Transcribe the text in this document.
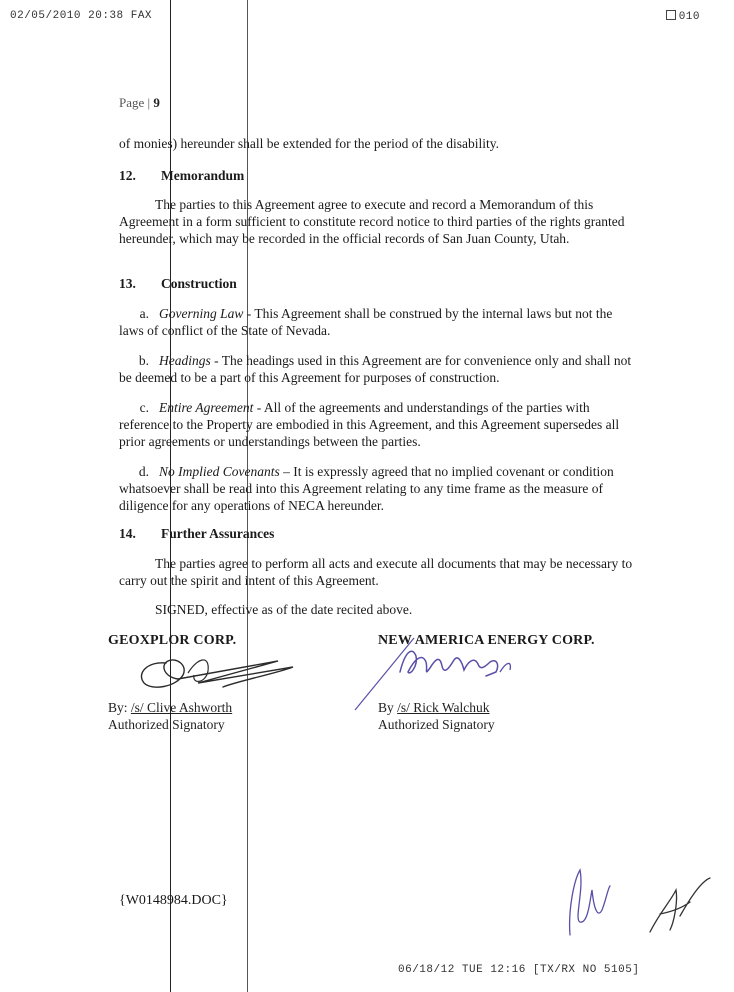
02/05/2010 20:38 FAX	010
Page | 9
of monies) hereunder shall be extended for the period of the disability.
12. Memorandum
The parties to this Agreement agree to execute and record a Memorandum of this Agreement in a form sufficient to constitute record notice to third parties of the rights granted hereunder, which may be recorded in the official records of San Juan County, Utah.
13. Construction
a. Governing Law - This Agreement shall be construed by the internal laws but not the laws of conflict of the State of Nevada.
b. Headings - The headings used in this Agreement are for convenience only and shall not be deemed to be a part of this Agreement for purposes of construction.
c. Entire Agreement - All of the agreements and understandings of the parties with reference to the Property are embodied in this Agreement, and this Agreement supersedes all prior agreements or understandings between the parties.
d. No Implied Covenants – It is expressly agreed that no implied covenant or condition whatsoever shall be read into this Agreement relating to any time frame as the measure of diligence for any operations of NECA hereunder.
14. Further Assurances
The parties agree to perform all acts and execute all documents that may be necessary to carry out the spirit and intent of this Agreement.
SIGNED, effective as of the date recited above.
GEOXPLOR CORP.
By: /s/ Clive Ashworth
Authorized Signatory
NEW AMERICA ENERGY CORP.
By /s/ Rick Walchuk
Authorized Signatory
{W0148984.DOC}
06/18/12 TUE 12:16 [TX/RX NO 5105]
